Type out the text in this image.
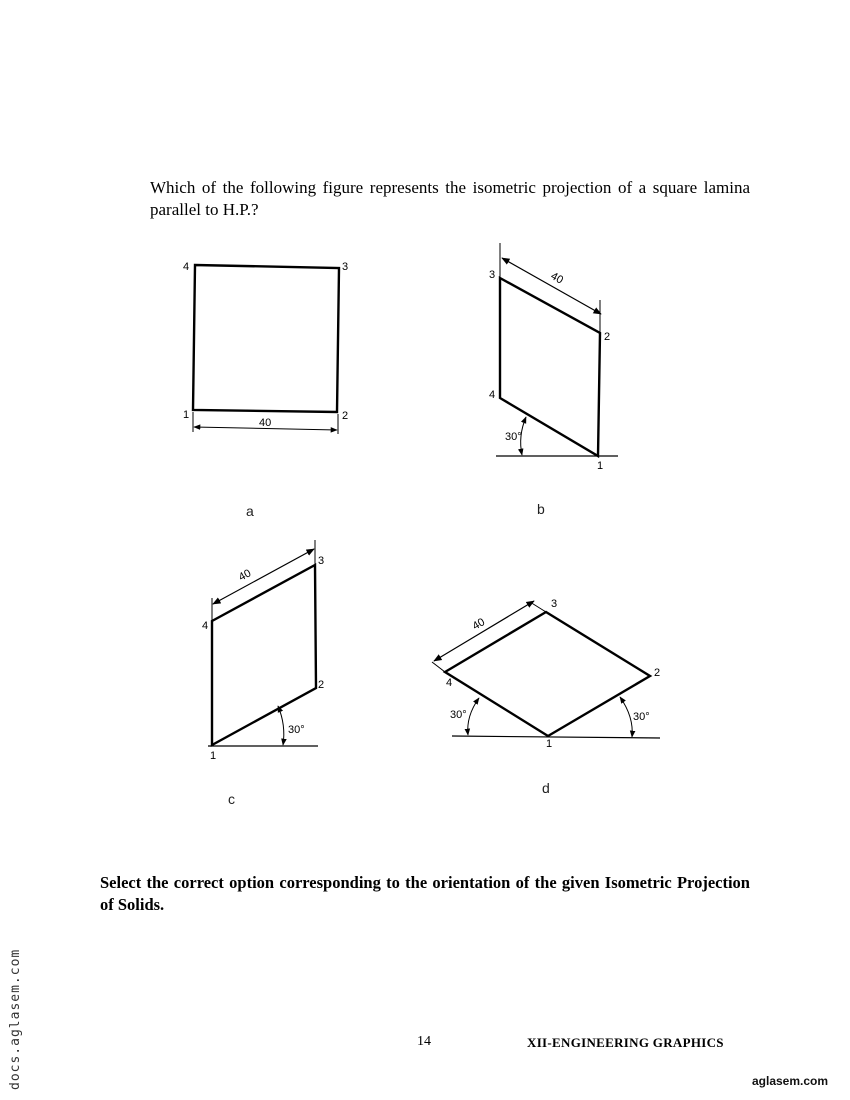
Which of the following figure represents the isometric projection of a square lamina parallel to H.P.?
40
4	3
1	2
a
40
30°
3
2
4
1
b
40
30°
3
4
2
1
c
40
30°	30°
3
2
4
1
d
Select the correct option corresponding to the orientation of the given Isometric Projection of Solids.
14	XII-ENGINEERING GRAPHICS
docs.aglasem.com	aglasem.com
